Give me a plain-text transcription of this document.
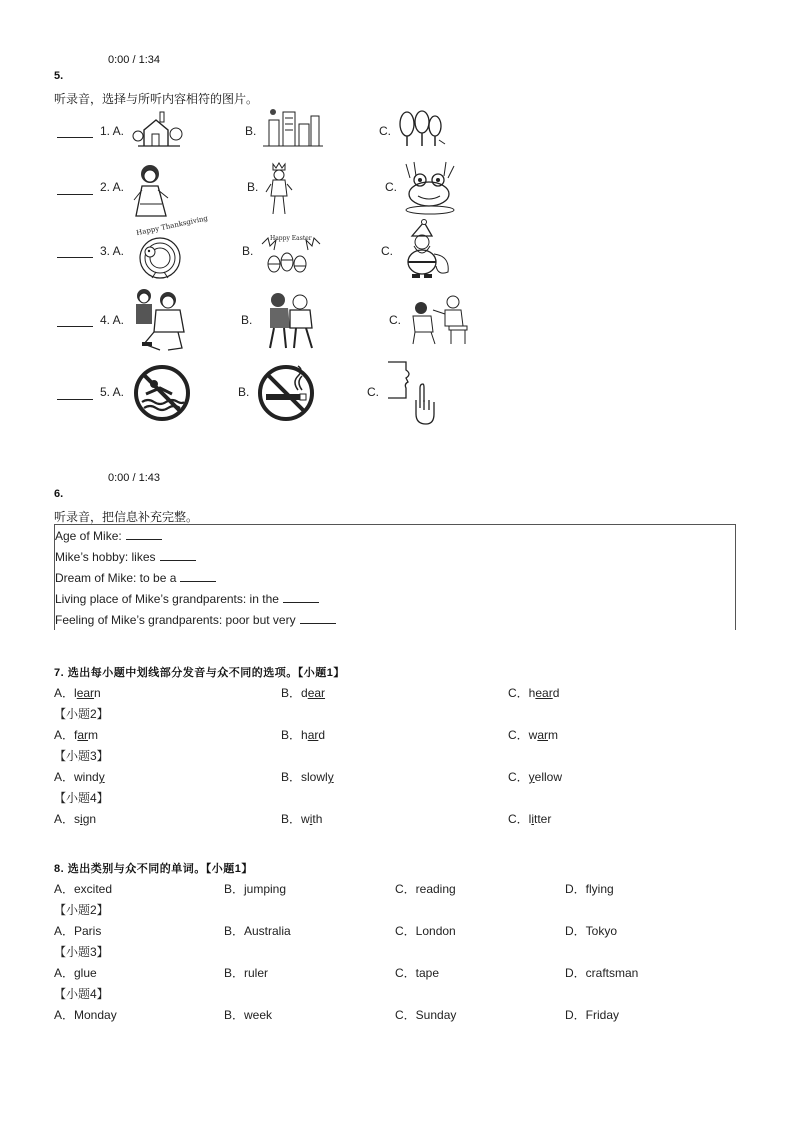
0:00 / 1:34
5.
听录音，选择与所听内容相符的图片。
1. A.	B.	C.
2. A.	B.	C.
3. A.
Happy Thanksgiving
B.
Happy Easter
C.
4. A.	B.	C.
5. A.	B.	C.
0:00 / 1:43
6.
听录音，把信息补充完整。
Age of Mike:
Mike’s hobby: likes
Dream of Mike: to be a
Living place of Mike’s grandparents: in the
Feeling of Mike’s grandparents: poor but very
7. 选出每小题中划线部分发音与众不同的选项。【小题1】
A．learn	B．dear	C．heard
【小题2】
A．farm	B．hard	C．warm
【小题3】
A．windy	B．slowly	C．yellow
【小题4】
A．sign	B．with	C．litter
8. 选出类别与众不同的单词。【小题1】
A．excited	B．jumping	C．reading	D．flying
【小题2】
A．Paris	B．Australia	C．London	D．Tokyo
【小题3】
A．glue	B．ruler	C．tape	D．craftsman
【小题4】
A．Monday	B．week	C．Sunday	D．Friday
